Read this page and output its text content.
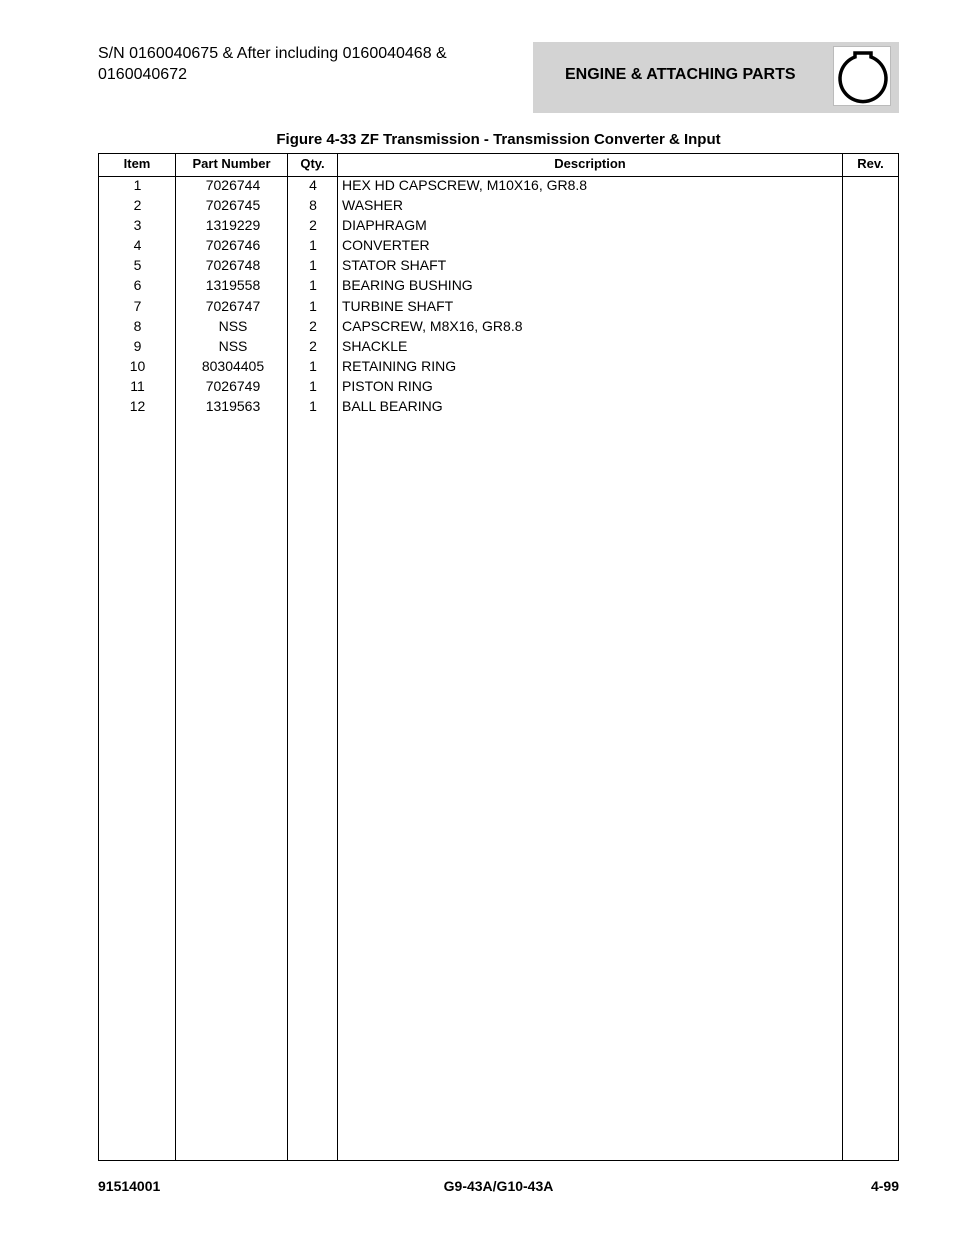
S/N 0160040675 & After including 0160040468 &
0160040672	ENGINE & ATTACHING PARTS
Figure 4-33 ZF Transmission - Transmission Converter & Input
Item	Part Number	Qty.	Description	Rev.
1	7026744	4	HEX HD CAPSCREW, M10X16, GR8.8
2	7026745	8	WASHER
3	1319229	2	DIAPHRAGM
4	7026746	1	CONVERTER
5	7026748	1	STATOR SHAFT
6	1319558	1	BEARING BUSHING
7	7026747	1	TURBINE SHAFT
8	NSS	2	CAPSCREW, M8X16, GR8.8
9	NSS	2	SHACKLE
10	80304405	1	RETAINING RING
11	7026749	1	PISTON RING
12	1319563	1	BALL BEARING
91514001	G9-43A/G10-43A	4-99
